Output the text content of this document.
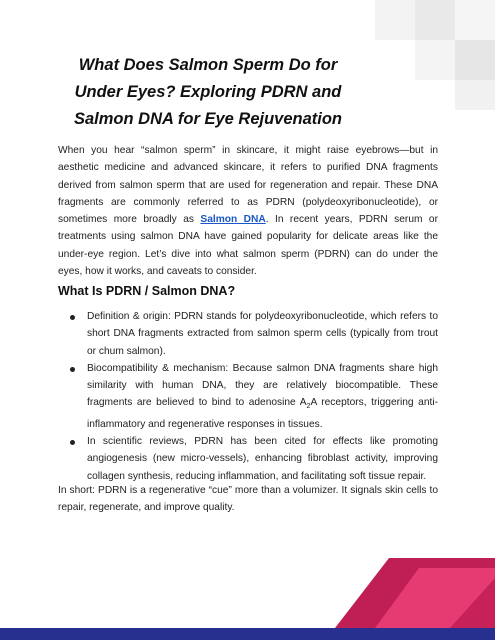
What Does Salmon Sperm Do for Under Eyes? Exploring PDRN and Salmon DNA for Eye Rejuvenation

When you hear “salmon sperm” in skincare, it might raise eyebrows—but in aesthetic medicine and advanced skincare, it refers to purified DNA fragments derived from salmon sperm that are used for regeneration and repair. These DNA fragments are commonly referred to as PDRN (polydeoxyribonucleotide), or sometimes more broadly as Salmon DNA. In recent years, PDRN serum or treatments using salmon DNA have gained popularity for delicate areas like the under-eye region. Let’s dive into what salmon sperm (PDRN) can do under the eyes, how it works, and caveats to consider.

What Is PDRN / Salmon DNA?
Definition & origin: PDRN stands for polydeoxyribonucleotide, which refers to short DNA fragments extracted from salmon sperm cells (typically from trout or chum salmon).
Biocompatibility & mechanism: Because salmon DNA fragments share high similarity with human DNA, they are relatively biocompatible. These fragments are believed to bind to adenosine $A_2A$ receptors, triggering anti-inflammatory and regenerative responses in tissues.
In scientific reviews, PDRN has been cited for effects like promoting angiogenesis (new micro-vessels), enhancing fibroblast activity, improving collagen synthesis, reducing inflammation, and facilitating soft tissue repair.

In short: PDRN is a regenerative “cue” more than a volumizer. It signals skin cells to repair, regenerate, and improve quality.
